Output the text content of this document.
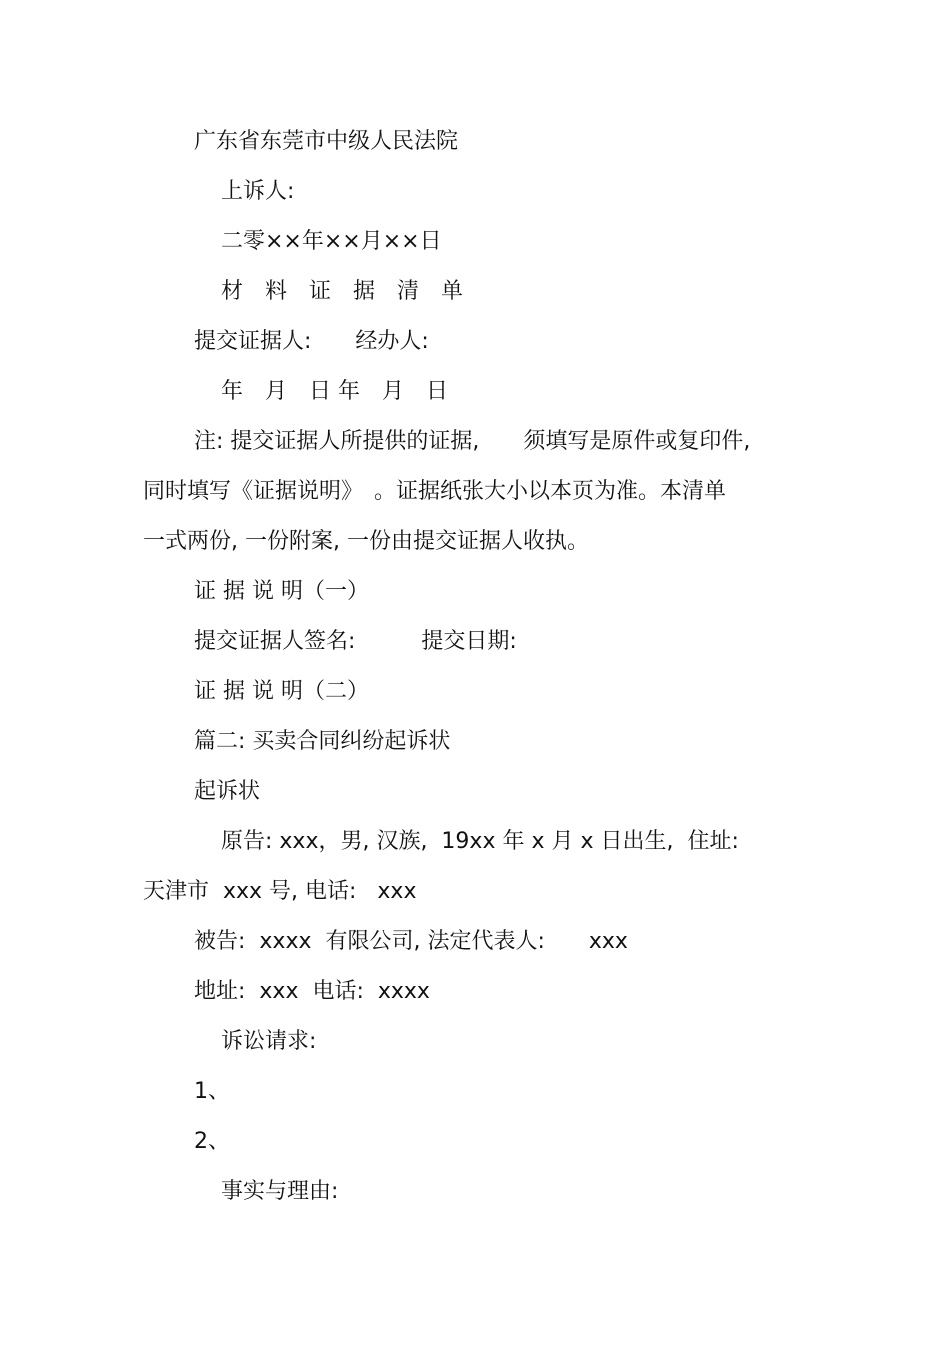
广东省东莞市中级人民法院
上诉人:
二零××年××月××日
材　料　证　据　清　单
提交证据人:　　经办人:
年　月　日 年　月　日
注: 提交证据人所提供的证据,　　须填写是原件或复印件,
同时填写《证据说明》　。证据纸张大小以本页为准。本清单
一式两份, 一份附案, 一份由提交证据人收执。
证 据 说 明（一）
提交证据人签名:　　　提交日期:
证 据 说 明（二）
篇二: 买卖合同纠纷起诉状
起诉状
原告: xxx，男, 汉族,  19xx 年 x 月 x 日出生,  住址:
天津市  xxx 号, 电话:   xxx
被告:  xxxx  有限公司, 法定代表人:　　xxx
地址:  xxx  电话:  xxxx
诉讼请求:
1、
2、
事实与理由:
